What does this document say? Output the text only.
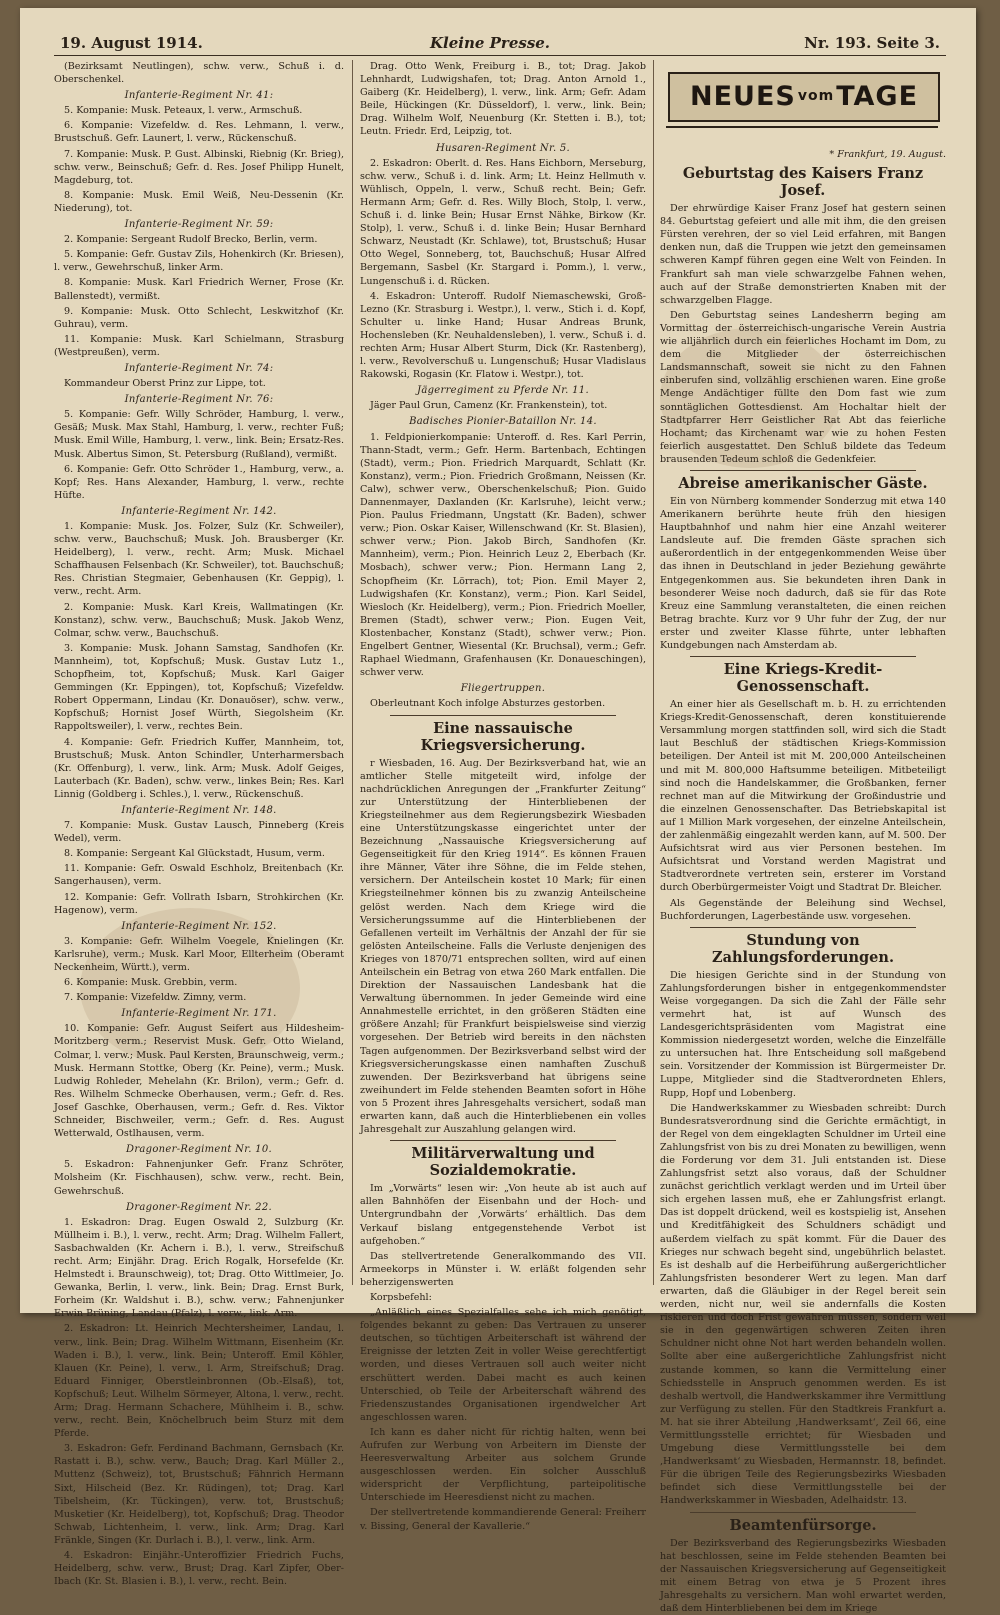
19. August 1914.	Kleine Presse.	Nr. 193. Seite 3.

(Bezirksamt Neutlingen), schw. verw., Schuß i. d. Oberschenkel.

Infanterie-Regiment Nr. 41:

5. Kompanie: Musk. Peteaux, l. verw., Armschuß.

6. Kompanie: Vizefeldw. d. Res. Lehmann, l. verw., Brustschuß. Gefr. Launert, l. verw., Rückenschuß.

7. Kompanie: Musk. P. Gust. Albinski, Riebnig (Kr. Brieg), schw. verw., Beinschuß; Gefr. d. Res. Josef Philipp Hunelt, Magdeburg, tot.

8. Kompanie: Musk. Emil Weiß, Neu-Dessenin (Kr. Niederung), tot.

Infanterie-Regiment Nr. 59:

2. Kompanie: Sergeant Rudolf Brecko, Berlin, verm.

5. Kompanie: Gefr. Gustav Zils, Hohenkirch (Kr. Briesen), l. verw., Gewehrschuß, linker Arm.

8. Kompanie: Musk. Karl Friedrich Werner, Frose (Kr. Ballenstedt), vermißt.

9. Kompanie: Musk. Otto Schlecht, Leskwitzhof (Kr. Guhrau), verm.

11. Kompanie: Musk. Karl Schielmann, Strasburg (Westpreußen), verm.

Infanterie-Regiment Nr. 74:

Kommandeur Oberst Prinz zur Lippe, tot.

Infanterie-Regiment Nr. 76:

5. Kompanie: Gefr. Willy Schröder, Hamburg, l. verw., Gesäß; Musk. Max Stahl, Hamburg, l. verw., rechter Fuß; Musk. Emil Wille, Hamburg, l. verw., link. Bein; Ersatz-Res. Musk. Albertus Simon, St. Petersburg (Rußland), vermißt.

6. Kompanie: Gefr. Otto Schröder 1., Hamburg, verw., a. Kopf; Res. Hans Alexander, Hamburg, l. verw., rechte Hüfte.

Infanterie-Regiment Nr. 142.

1. Kompanie: Musk. Jos. Folzer, Sulz (Kr. Schweiler), schw. verw., Bauchschuß; Musk. Joh. Brausberger (Kr. Heidelberg), l. verw., recht. Arm; Musk. Michael Schaffhausen Felsenbach (Kr. Schweiler), tot. Bauchschuß; Res. Christian Stegmaier, Gebenhausen (Kr. Geppig), l. verw., recht. Arm.

2. Kompanie: Musk. Karl Kreis, Wallmatingen (Kr. Konstanz), schw. verw., Bauchschuß; Musk. Jakob Wenz, Colmar, schw. verw., Bauchschuß.

3. Kompanie: Musk. Johann Samstag, Sandhofen (Kr. Mannheim), tot, Kopfschuß; Musk. Gustav Lutz 1., Schopfheim, tot, Kopfschuß; Musk. Karl Gaiger Gemmingen (Kr. Eppingen), tot, Kopfschuß; Vizefeldw. Robert Oppermann, Lindau (Kr. Donauöser), schw. verw., Kopfschuß; Hornist Josef Würth, Siegolsheim (Kr. Rappoltsweiler), l. verw., rechtes Bein.

4. Kompanie: Gefr. Friedrich Kuffer, Mannheim, tot, Brustschuß; Musk. Anton Schindler, Unterharmersbach (Kr. Offenburg), l. verw., link. Arm; Musk. Adolf Geiges, Lauterbach (Kr. Baden), schw. verw., linkes Bein; Res. Karl Linnig (Goldberg i. Schles.), l. verw., Rückenschuß.

Infanterie-Regiment Nr. 148.

7. Kompanie: Musk. Gustav Lausch, Pinneberg (Kreis Wedel), verm.

8. Kompanie: Sergeant Kal Glückstadt, Husum, verm.

11. Kompanie: Gefr. Oswald Eschholz, Breitenbach (Kr. Sangerhausen), verm.

12. Kompanie: Gefr. Vollrath Isbarn, Strohkirchen (Kr. Hagenow), verm.

Infanterie-Regiment Nr. 152.

3. Kompanie: Gefr. Wilhelm Voegele, Knielingen (Kr. Karlsruhe), verm.; Musk. Karl Moor, Ellterheim (Oberamt Neckenheim, Württ.), verm.

6. Kompanie: Musk. Grebbin, verm.

7. Kompanie: Vizefeldw. Zimny, verm.

Infanterie-Regiment Nr. 171.

10. Kompanie: Gefr. August Seifert aus Hildesheim-Moritzberg verm.; Reservist Musk. Gefr. Otto Wieland, Colmar, l. verw.; Musk. Paul Kersten, Braunschweig, verm.; Musk. Hermann Stottke, Oberg (Kr. Peine), verm.; Musk. Ludwig Rohleder, Mehelahn (Kr. Brilon), verm.; Gefr. d. Res. Wilhelm Schmecke Oberhausen, verm.; Gefr. d. Res. Josef Gaschke, Oberhausen, verm.; Gefr. d. Res. Viktor Schneider, Bischweiler, verm.; Gefr. d. Res. August Wetterwald, Ostlhausen, verm.

Dragoner-Regiment Nr. 10.

5. Eskadron: Fahnenjunker Gefr. Franz Schröter, Molsheim (Kr. Fischhausen), schw. verw., recht. Bein, Gewehrschuß.

Dragoner-Regiment Nr. 22.

1. Eskadron: Drag. Eugen Oswald 2, Sulzburg (Kr. Müllheim i. B.), l. verw., recht. Arm; Drag. Wilhelm Fallert, Sasbachwalden (Kr. Achern i. B.), l. verw., Streifschuß recht. Arm; Einjähr. Drag. Erich Rogalk, Horsefelde (Kr. Helmstedt i. Braunschweig), tot; Drag. Otto Wittlmeier, Jo. Gewanka, Berlin, l. verw., link. Bein; Drag. Ernst Burk, Forheim (Kr. Waldshut i. B.), schw. verw.; Fahnenjunker Erwin Brüning, Landau (Pfalz), l. verw., link. Arm.

2. Eskadron: Lt. Heinrich Mechtersheimer, Landau, l. verw., link. Bein; Drag. Wilhelm Wittmann, Eisenheim (Kr. Waden i. B.), l. verw., link. Bein; Unteroff. Emil Köhler, Klauen (Kr. Peine), l. verw., l. Arm, Streifschuß; Drag. Eduard Finniger, Oberstleinbronnen (Ob.-Elsaß), tot, Kopfschuß; Leut. Wilhelm Sörmeyer, Altona, l. verw., recht. Arm; Drag. Hermann Schachere, Mühlheim i. B., schw. verw., recht. Bein, Knöchelbruch beim Sturz mit dem Pferde.

3. Eskadron: Gefr. Ferdinand Bachmann, Gernsbach (Kr. Rastatt i. B.), schw. verw., Bauch; Drag. Karl Müller 2., Muttenz (Schweiz), tot, Brustschuß; Fähnrich Hermann Sixt, Hilscheid (Bez. Kr. Rüdingen), tot; Drag. Karl Tibelsheim, (Kr. Tückingen), verw. tot, Brustschuß; Musketier (Kr. Heidelberg), tot, Kopfschuß; Drag. Theodor Schwab, Lichtenheim, l. verw., link. Arm; Drag. Karl Fränkle, Singen (Kr. Durlach i. B.), l. verw., link. Arm.

4. Eskadron: Einjähr.-Unteroffizier Friedrich Fuchs, Heidelberg, schw. verw., Brust; Drag. Karl Zipfer, Ober-Ibach (Kr. St. Blasien i. B.), l. verw., recht. Bein.

Drag. Otto Wenk, Freiburg i. B., tot; Drag. Jakob Lehnhardt, Ludwigshafen, tot; Drag. Anton Arnold 1., Gaiberg (Kr. Heidelberg), l. verw., link. Arm; Gefr. Adam Beile, Hückingen (Kr. Düsseldorf), l. verw., link. Bein; Drag. Wilhelm Wolf, Neuenburg (Kr. Stetten i. B.), tot; Leutn. Friedr. Erd, Leipzig, tot.

Husaren-Regiment Nr. 5.

2. Eskadron: Oberlt. d. Res. Hans Eichborn, Merseburg, schw. verw., Schuß i. d. link. Arm; Lt. Heinz Hellmuth v. Wühlisch, Oppeln, l. verw., Schuß recht. Bein; Gefr. Hermann Arm; Gefr. d. Res. Willy Bloch, Stolp, l. verw., Schuß i. d. linke Bein; Husar Ernst Nähke, Birkow (Kr. Stolp), l. verw., Schuß i. d. linke Bein; Husar Bernhard Schwarz, Neustadt (Kr. Schlawe), tot, Brustschuß; Husar Otto Wegel, Sonneberg, tot, Bauchschuß; Husar Alfred Bergemann, Sasbel (Kr. Stargard i. Pomm.), l. verw., Lungenschuß i. d. Rücken.

4. Eskadron: Unteroff. Rudolf Niemaschewski, Groß-Lezno (Kr. Strasburg i. Westpr.), l. verw., Stich i. d. Kopf, Schulter u. linke Hand; Husar Andreas Brunk, Hochensleben (Kr. Neuhaldensleben), l. verw., Schuß i. d. rechten Arm; Husar Albert Sturm, Dick (Kr. Rastenberg), l. verw., Revolverschuß u. Lungenschuß; Husar Vladislaus Rakowski, Rogasin (Kr. Flatow i. Westpr.), tot.

Jägerregiment zu Pferde Nr. 11.

Jäger Paul Grun, Camenz (Kr. Frankenstein), tot.

Badisches Pionier-Bataillon Nr. 14.

1. Feldpionierkompanie: Unteroff. d. Res. Karl Perrin, Thann-Stadt, verm.; Gefr. Herm. Bartenbach, Echtingen (Stadt), verm.; Pion. Friedrich Marquardt, Schlatt (Kr. Konstanz), verm.; Pion. Friedrich Großmann, Neissen (Kr. Calw), schwer verw., Oberschenkelschuß; Pion. Guido Dannenmayer, Daxlanden (Kr. Karlsruhe), leicht verw.; Pion. Paulus Friedmann, Ungstatt (Kr. Baden), schwer verw.; Pion. Oskar Kaiser, Willenschwand (Kr. St. Blasien), schwer verw.; Pion. Jakob Birch, Sandhofen (Kr. Mannheim), verm.; Pion. Heinrich Leuz 2, Eberbach (Kr. Mosbach), schwer verw.; Pion. Hermann Lang 2, Schopfheim (Kr. Lörrach), tot; Pion. Emil Mayer 2, Ludwigshafen (Kr. Konstanz), verm.; Pion. Karl Seidel, Wiesloch (Kr. Heidelberg), verm.; Pion. Friedrich Moeller, Bremen (Stadt), schwer verw.; Pion. Eugen Veit, Klostenbacher, Konstanz (Stadt), schwer verw.; Pion. Engelbert Gentner, Wiesental (Kr. Bruchsal), verm.; Gefr. Raphael Wiedmann, Grafenhausen (Kr. Donaueschingen), schwer verw.

Fliegertruppen.

Oberleutnant Koch infolge Absturzes gestorben.

Eine nassauische Kriegsversicherung.

r Wiesbaden, 16. Aug. Der Bezirksverband hat, wie an amtlicher Stelle mitgeteilt wird, infolge der nachdrücklichen Anregungen der „Frankfurter Zeitung“ zur Unterstützung der Hinterbliebenen der Kriegsteilnehmer aus dem Regierungsbezirk Wiesbaden eine Unterstützungskasse eingerichtet unter der Bezeichnung „Nassauische Kriegsversicherung auf Gegenseitigkeit für den Krieg 1914“. Es können Frauen ihre Männer, Väter ihre Söhne, die im Felde stehen, versichern. Der Anteilschein kostet 10 Mark; für einen Kriegsteilnehmer können bis zu zwanzig Anteilscheine gelöst werden. Nach dem Kriege wird die Versicherungssumme auf die Hinterbliebenen der Gefallenen verteilt im Verhältnis der Anzahl der für sie gelösten Anteilscheine. Falls die Verluste denjenigen des Krieges von 1870/71 entsprechen sollten, wird auf einen Anteilschein ein Betrag von etwa 260 Mark entfallen. Die Direktion der Nassauischen Landesbank hat die Verwaltung übernommen. In jeder Gemeinde wird eine Annahmestelle errichtet, in den größeren Städten eine größere Anzahl; für Frankfurt beispielsweise sind vierzig vorgesehen. Der Betrieb wird bereits in den nächsten Tagen aufgenommen. Der Bezirksverband selbst wird der Kriegsversicherungskasse einen namhaften Zuschuß zuwenden. Der Bezirksverband hat übrigens seine zweihundert im Felde stehenden Beamten sofort in Höhe von 5 Prozent ihres Jahresgehalts versichert, sodaß man erwarten kann, daß auch die Hinterbliebenen ein volles Jahresgehalt zur Auszahlung gelangen wird.

Militärverwaltung und Sozialdemokratie.

Im „Vorwärts“ lesen wir: „Von heute ab ist auch auf allen Bahnhöfen der Eisenbahn und der Hoch- und Untergrundbahn der ‚Vorwärts‘ erhältlich. Das dem Verkauf bislang entgegenstehende Verbot ist aufgehoben.“

Das stellvertretende Generalkommando des VII. Armeekorps in Münster i. W. erläßt folgenden sehr beherzigenswerten

Korpsbefehl:

„Anläßlich eines Spezialfalles sehe ich mich genötigt, folgendes bekannt zu geben: Das Vertrauen zu unserer deutschen, so tüchtigen Arbeiterschaft ist während der Ereignisse der letzten Zeit in voller Weise gerechtfertigt worden, und dieses Vertrauen soll auch weiter nicht erschüttert werden. Dabei macht es auch keinen Unterschied, ob Teile der Arbeiterschaft während des Friedenszustandes Organisationen irgendwelcher Art angeschlossen waren.

Ich kann es daher nicht für richtig halten, wenn bei Aufrufen zur Werbung von Arbeitern im Dienste der Heeresverwaltung Arbeiter aus solchem Grunde ausgeschlossen werden. Ein solcher Ausschluß widerspricht der Verpflichtung, parteipolitische Unterschiede im Heeresdienst nicht zu machen.

Der stellvertretende kommandierende General: Freiherr v. Bissing, General der Kavallerie.“

NEUES vom TAGE
* Frankfurt, 19. August.
Geburtstag des Kaisers Franz Josef.

Der ehrwürdige Kaiser Franz Josef hat gestern seinen 84. Geburtstag gefeiert und alle mit ihm, die den greisen Fürsten verehren, der so viel Leid erfahren, mit Bangen denken nun, daß die Truppen wie jetzt den gemeinsamen schweren Kampf führen gegen eine Welt von Feinden. In Frankfurt sah man viele schwarzgelbe Fahnen wehen, auch auf der Straße demonstrierten Knaben mit der schwarzgelben Flagge.

Den Geburtstag seines Landesherrn beging am Vormittag der österreichisch-ungarische Verein Austria wie alljährlich durch ein feierliches Hochamt im Dom, zu dem die Mitglieder der österreichischen Landsmannschaft, soweit sie nicht zu den Fahnen einberufen sind, vollzählig erschienen waren. Eine große Menge Andächtiger füllte den Dom fast wie zum sonntäglichen Gottesdienst. Am Hochaltar hielt der Stadtpfarrer Herr Geistlicher Rat Abt das feierliche Hochamt; das Kirchenamt war wie zu hohen Festen feierlich ausgestattet. Den Schluß bildete das Tedeum brausenden Tedeum schloß die Gedenkfeier.

Abreise amerikanischer Gäste.

Ein von Nürnberg kommender Sonderzug mit etwa 140 Amerikanern berührte heute früh den hiesigen Hauptbahnhof und nahm hier eine Anzahl weiterer Landsleute auf. Die fremden Gäste sprachen sich außerordentlich in der entgegenkommenden Weise über das ihnen in Deutschland in jeder Beziehung gewährte Entgegenkommen aus. Sie bekundeten ihren Dank in besonderer Weise noch dadurch, daß sie für das Rote Kreuz eine Sammlung veranstalteten, die einen reichen Betrag brachte. Kurz vor 9 Uhr fuhr der Zug, der nur erster und zweiter Klasse führte, unter lebhaften Kundgebungen nach Amsterdam ab.

Eine Kriegs-Kredit-Genossenschaft.

An einer hier als Gesellschaft m. b. H. zu errichtenden Kriegs-Kredit-Genossenschaft, deren konstituierende Versammlung morgen stattfinden soll, wird sich die Stadt laut Beschluß der städtischen Kriegs-Kommission beteiligen. Der Anteil ist mit M. 200,000 Anteilscheinen und mit M. 800,000 Haftsumme beteiligen. Mitbeteiligt sind noch die Handelskammer, die Großbanken, ferner rechnet man auf die Mitwirkung der Großindustrie und die einzelnen Genossenschafter. Das Betriebskapital ist auf 1 Million Mark vorgesehen, der einzelne Anteilschein, der zahlenmäßig eingezahlt werden kann, auf M. 500. Der Aufsichtsrat wird aus vier Personen bestehen. Im Aufsichtsrat und Vorstand werden Magistrat und Stadtverordnete vertreten sein, ersterer im Vorstand durch Oberbürgermeister Voigt und Stadtrat Dr. Bleicher.

Als Gegenstände der Beleihung sind Wechsel, Buchforderungen, Lagerbestände usw. vorgesehen.

Stundung von Zahlungsforderungen.

Die hiesigen Gerichte sind in der Stundung von Zahlungsforderungen bisher in entgegenkommendster Weise vorgegangen. Da sich die Zahl der Fälle sehr vermehrt hat, ist auf Wunsch des Landesgerichtspräsidenten vom Magistrat eine Kommission niedergesetzt worden, welche die Einzelfälle zu untersuchen hat. Ihre Entscheidung soll maßgebend sein. Vorsitzender der Kommission ist Bürgermeister Dr. Luppe, Mitglieder sind die Stadtverordneten Ehlers, Rupp, Hopf und Lobenberg.

Die Handwerkskammer zu Wiesbaden schreibt: Durch Bundesratsverordnung sind die Gerichte ermächtigt, in der Regel von dem eingeklagten Schuldner im Urteil eine Zahlungsfrist von bis zu drei Monaten zu bewilligen, wenn die Forderung vor dem 31. Juli entstanden ist. Diese Zahlungsfrist setzt also voraus, daß der Schuldner zunächst gerichtlich verklagt werden und im Urteil über sich ergehen lassen muß, ehe er Zahlungsfrist erlangt. Das ist doppelt drückend, weil es kostspielig ist, Ansehen und Kreditfähigkeit des Schuldners schädigt und außerdem vielfach zu spät kommt. Für die Dauer des Krieges nur schwach begeht sind, ungebührlich belastet. Es ist deshalb auf die Herbeiführung außergerichtlicher Zahlungsfristen besonderer Wert zu legen. Man darf erwarten, daß die Gläubiger in der Regel bereit sein werden, nicht nur, weil sie andernfalls die Kosten riskieren und doch Frist gewähren müssen, sondern weil sie in den gegenwärtigen schweren Zeiten ihren Schuldner nicht ohne Not hart werden behandeln wollen. Sollte aber eine außergerichtliche Zahlungsfrist nicht zustande kommen, so kann die Vermittelung einer Schiedsstelle in Anspruch genommen werden. Es ist deshalb wertvoll, die Handwerkskammer ihre Vermittlung zur Verfügung zu stellen. Für den Stadtkreis Frankfurt a. M. hat sie ihrer Abteilung ‚Handwerksamt‘, Zeil 66, eine Vermittlungsstelle errichtet; für Wiesbaden und Umgebung diese Vermittlungsstelle bei dem ‚Handwerksamt‘ zu Wiesbaden, Hermannstr. 18, befindet. Für die übrigen Teile des Regierungsbezirks Wiesbaden befindet sich diese Vermittlungsstelle bei der Handwerkskammer in Wiesbaden, Adelhaidstr. 13.

Beamtenfürsorge.

Der Bezirksverband des Regierungsbezirks Wiesbaden hat beschlossen, seine im Felde stehenden Beamten bei der Nassauischen Kriegsversicherung auf Gegenseitigkeit mit einem Betrag von etwa je 5 Prozent ihres Jahresgehalts zu versichern. Man wohl erwartet werden, daß dem Hinterbliebenen bei dem im Kriege
